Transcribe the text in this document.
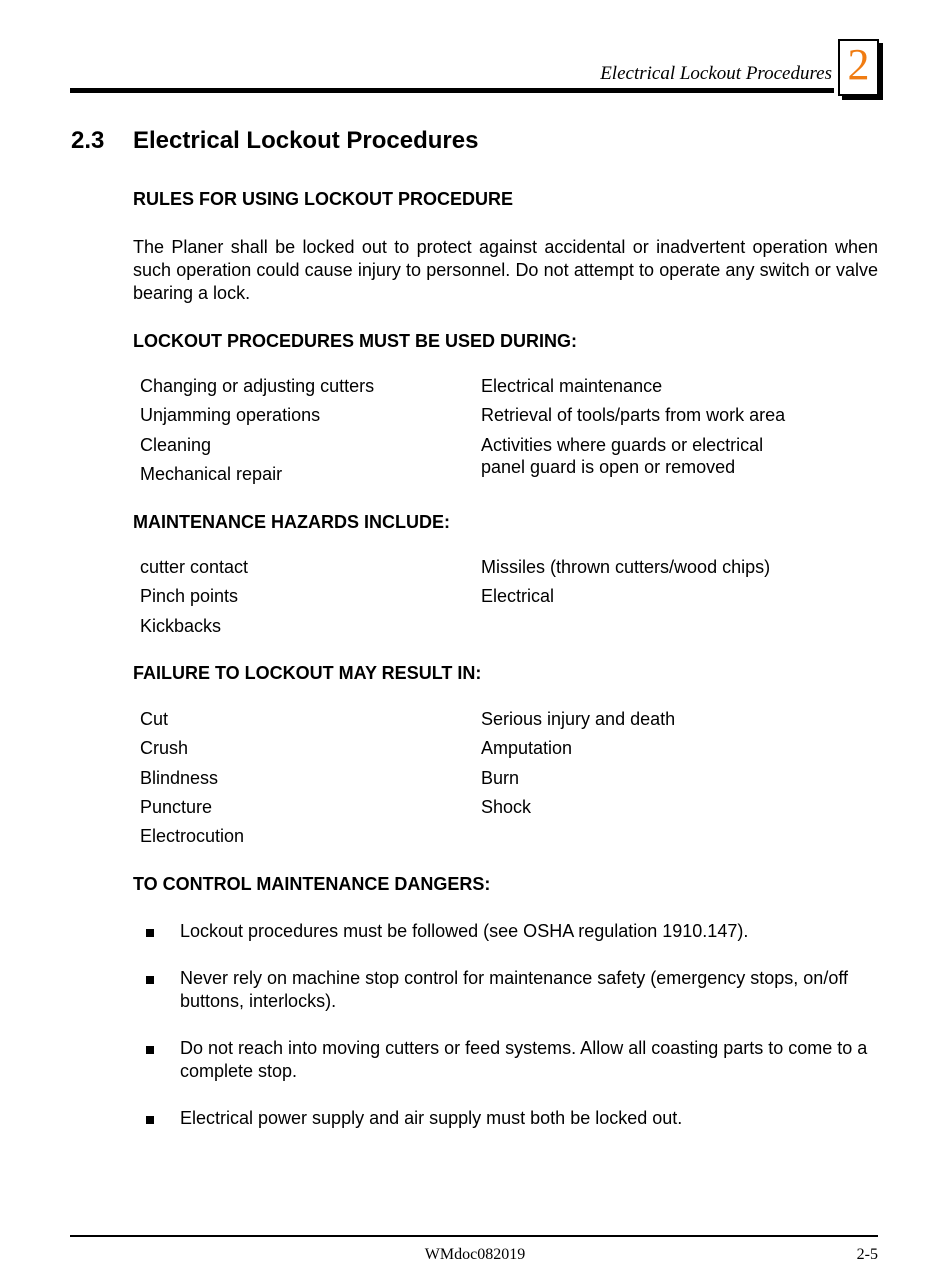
Electrical Lockout Procedures 2
2.3 Electrical Lockout Procedures
RULES FOR USING LOCKOUT PROCEDURE
The Planer shall be locked out to protect against accidental or inadvertent operation when such operation could cause injury to personnel. Do not attempt to operate any switch or valve bearing a lock.
LOCKOUT PROCEDURES MUST BE USED DURING:
Changing or adjusting cutters
Unjamming operations
Cleaning
Mechanical repair
Electrical maintenance
Retrieval of tools/parts from work area
Activities where guards or electrical panel guard is open or removed
MAINTENANCE HAZARDS INCLUDE:
cutter contact
Pinch points
Kickbacks
Missiles (thrown cutters/wood chips)
Electrical
FAILURE TO LOCKOUT MAY RESULT IN:
Cut
Crush
Blindness
Puncture
Electrocution
Serious injury and death
Amputation
Burn
Shock
TO CONTROL MAINTENANCE DANGERS:
Lockout procedures must be followed (see OSHA regulation 1910.147).
Never rely on machine stop control for maintenance safety (emergency stops, on/off buttons, interlocks).
Do not reach into moving cutters or feed systems. Allow all coasting parts to come to a complete stop.
Electrical power supply and air supply must both be locked out.
WMdoc082019	2-5
